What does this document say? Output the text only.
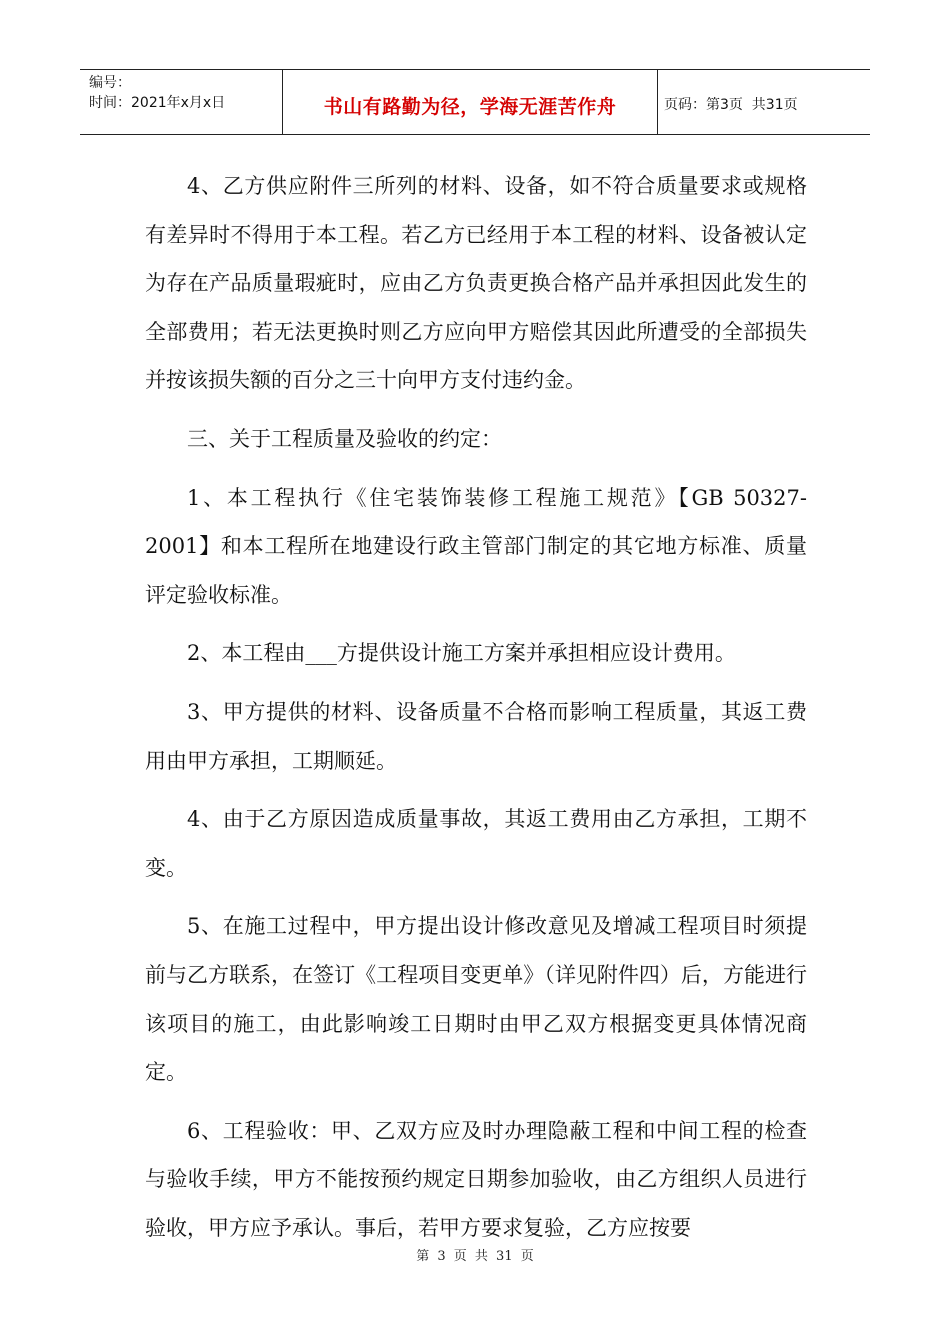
编号：
时间：2021年x月x日	书山有路勤为径，学海无涯苦作舟	页码：第3页  共31页

4、乙方供应附件三所列的材料、设备，如不符合质量要求或规格有差异时不得用于本工程。若乙方已经用于本工程的材料、设备被认定为存在产品质量瑕疵时，应由乙方负责更换合格产品并承担因此发生的全部费用；若无法更换时则乙方应向甲方赔偿其因此所遭受的全部损失并按该损失额的百分之三十向甲方支付违约金。

三、关于工程质量及验收的约定：

1、本工程执行《住宅装饰装修工程施工规范》【GB 50327-2001】和本工程所在地建设行政主管部门制定的其它地方标准、质量评定验收标准。

2、本工程由___方提供设计施工方案并承担相应设计费用。

3、甲方提供的材料、设备质量不合格而影响工程质量，其返工费用由甲方承担，工期顺延。

4、由于乙方原因造成质量事故，其返工费用由乙方承担，工期不变。

5、在施工过程中，甲方提出设计修改意见及增减工程项目时须提前与乙方联系，在签订《工程项目变更单》（详见附件四）后，方能进行该项目的施工，由此影响竣工日期时由甲乙双方根据变更具体情况商定。

6、工程验收：甲、乙双方应及时办理隐蔽工程和中间工程的检查与验收手续，甲方不能按预约规定日期参加验收，由乙方组织人员进行验收，甲方应予承认。事后，若甲方要求复验，乙方应按要

第 3 页 共 31 页
